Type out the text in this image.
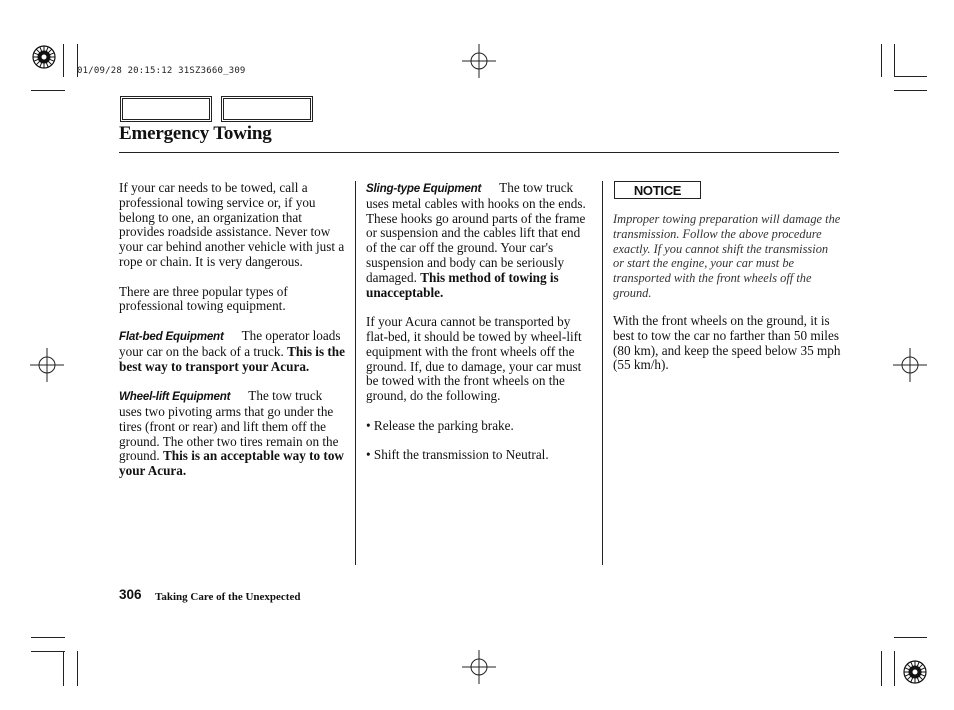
01/09/28 20:15:12 31SZ3660_309
Emergency Towing

If your car needs to be towed, call a professional towing service or, if you belong to one, an organization that provides roadside assistance. Never tow your car behind another vehicle with just a rope or chain. It is very dangerous.

There are three popular types of professional towing equipment.

Flat-bed Equipment The operator loads your car on the back of a truck. This is the best way to transport your Acura.

Wheel-lift Equipment The tow truck uses two pivoting arms that go under the tires (front or rear) and lift them off the ground. The other two tires remain on the ground. This is an acceptable way to tow your Acura.

Sling-type Equipment The tow truck uses metal cables with hooks on the ends. These hooks go around parts of the frame or suspension and the cables lift that end of the car off the ground. Your car's suspension and body can be seriously damaged. This method of towing is unacceptable.

If your Acura cannot be transported by flat-bed, it should be towed by wheel-lift equipment with the front wheels off the ground. If, due to damage, your car must be towed with the front wheels on the ground, do the following.

• Release the parking brake.

• Shift the transmission to Neutral.

NOTICE
Improper towing preparation will damage the transmission. Follow the above procedure exactly. If you cannot shift the transmission or start the engine, your car must be transported with the front wheels off the ground.
With the front wheels on the ground, it is best to tow the car no farther than 50 miles (80 km), and keep the speed below 35 mph (55 km/h).
306 Taking Care of the Unexpected
